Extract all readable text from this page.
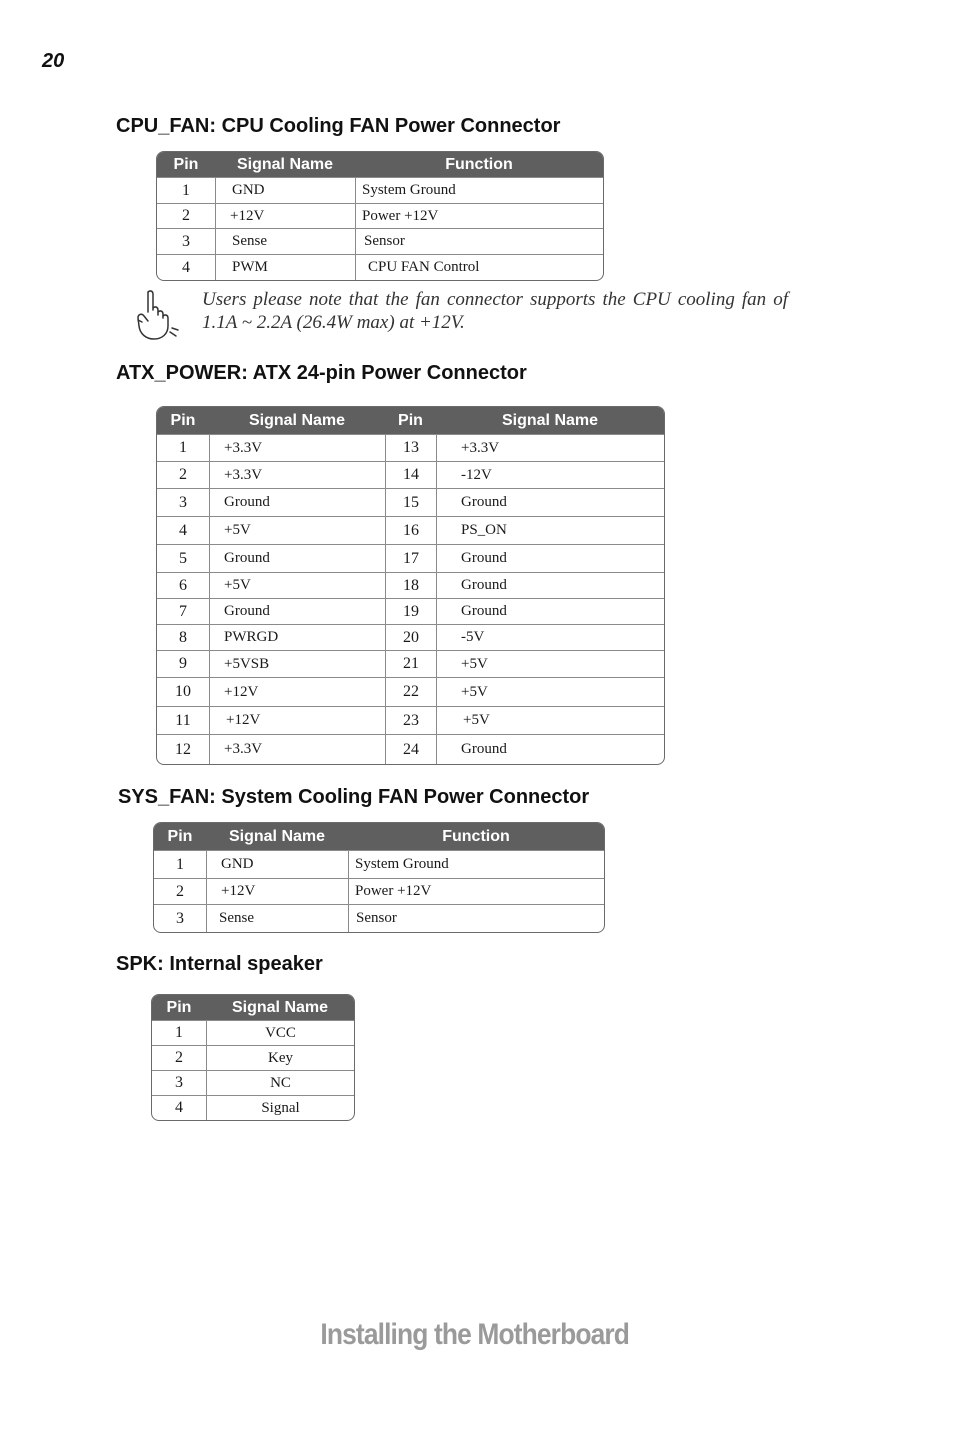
20
CPU_FAN: CPU Cooling FAN Power Connector
Pin	Signal Name	Function
1	GND	System Ground
2	+12V	Power +12V
3	Sense	Sensor
4	PWM	CPU FAN Control
Users please note that the fan connector supports the CPU cooling fan of 1.1A ~ 2.2A (26.4W max) at +12V.
ATX_POWER: ATX 24-pin Power Connector
Pin	Signal Name	Pin	Signal Name
1	+3.3V	13	+3.3V
2	+3.3V	14	-12V
3	Ground	15	Ground
4	+5V	16	PS_ON
5	Ground	17	Ground
6	+5V	18	Ground
7	Ground	19	Ground
8	PWRGD	20	-5V
9	+5VSB	21	+5V
10	+12V	22	+5V
11	+12V	23	+5V
12	+3.3V	24	Ground
SYS_FAN: System Cooling FAN Power Connector
Pin	Signal Name	Function
1	GND	System Ground
2	+12V	Power +12V
3	Sense	Sensor
SPK: Internal speaker
Pin	Signal Name
1	VCC
2	Key
3	NC
4	Signal
Installing the Motherboard
